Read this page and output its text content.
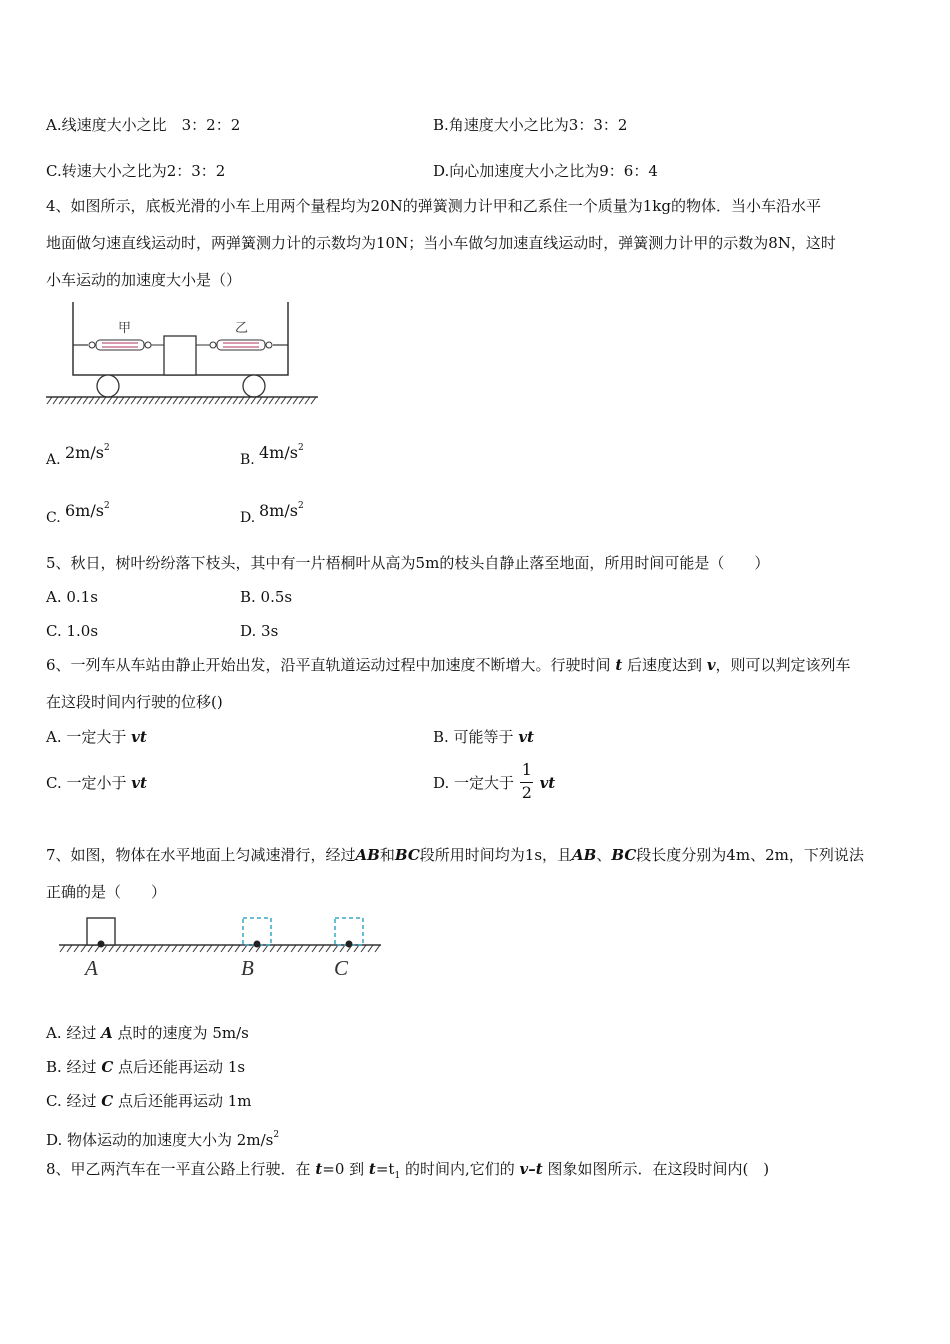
A.线速度大小之比　3：2：2	B.角速度大小之比为3：3：2
C.转速大小之比为2：3：2	D.向心加速度大小之比为9：6：4
4、如图所示，底板光滑的小车上用两个量程均为20N的弹簧测力计甲和乙系住一个质量为1kg的物体．当小车沿水平
地面做匀速直线运动时，两弹簧测力计的示数均为10N；当小车做匀加速直线运动时，弹簧测力计甲的示数为8N，这时
小车运动的加速度大小是（）
甲	乙
A. $2m/s^2$
B. $4m/s^2$
C. $6m/s^2$
D. $8m/s^2$
5、秋日，树叶纷纷落下枝头，其中有一片梧桐叶从高为5m的枝头自静止落至地面，所用时间可能是（　　）
A. 0.1s	B. 0.5s
C. 1.0s	D. 3s
6、一列车从车站由静止开始出发，沿平直轨道运动过程中加速度不断增大。行驶时间 t 后速度达到 v，则可以判定该列车
在这段时间内行驶的位移()
A. 一定大于 vt	B. 可能等于 vt
C. 一定小于 vt	D. 一定大于 $\frac{1}{2}$ vt
7、如图，物体在水平地面上匀减速滑行，经过AB和BC段所用时间均为1s，且AB、BC段长度分别为4m、2m，下列说法
正确的是（　　）
A	B	C
A. 经过 A 点时的速度为 5m/s
B. 经过 C 点后还能再运动 1s
C. 经过 C 点后还能再运动 1m
D. 物体运动的加速度大小为 $2m/s^2$
8、甲乙两汽车在一平直公路上行驶．在 t=0 到 $t=t_1$ 的时间内,它们的 v–t 图象如图所示．在这段时间内(　)
